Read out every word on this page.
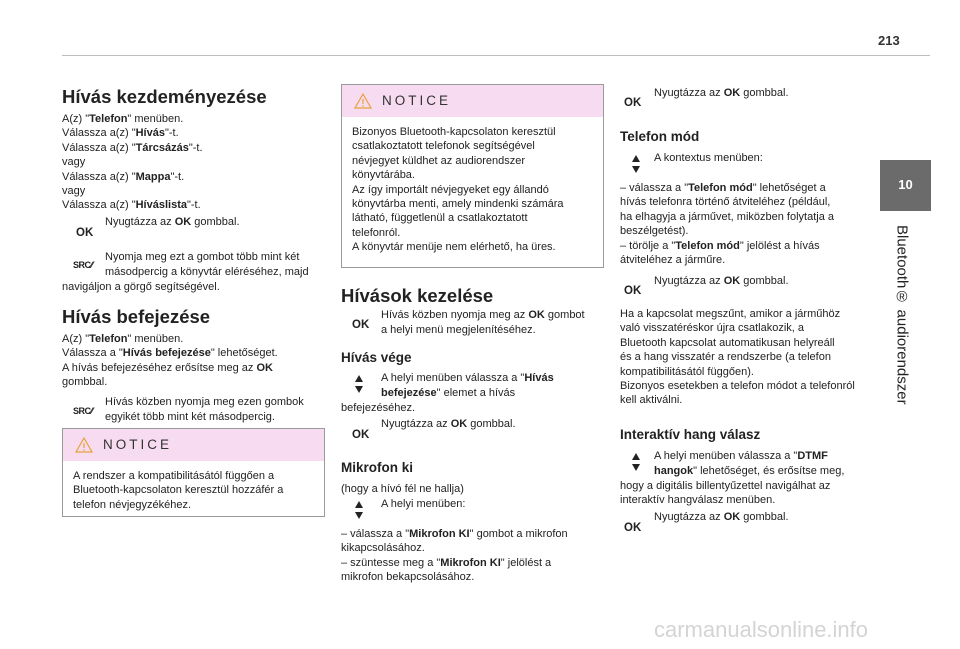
213
10
Bluetooth® audiorendszer
Hívás kezdeményezése
A(z) "Telefon" menüben.
Válassza a(z) "Hívás"-t.
Válassza a(z) "Tárcsázás"-t.
vagy
Válassza a(z) "Mappa"-t.
vagy
Válassza a(z) "Híváslista"-t.
OK
Nyugtázza az OK gombbal.
SRC⁄⁄
Nyomja meg ezt a gombot több mint két
másodpercig a könyvtár eléréséhez, majd
navigáljon a görgő segítségével.
Hívás befejezése
A(z) "Telefon" menüben.
Válassza a "Hívás befejezése" lehetőséget.
A hívás befejezéséhez erősítse meg az OK
gombbal.
SRC⁄⁄
Hívás közben nyomja meg ezen gombok
egyikét több mint két másodpercig.
NOTICE
A rendszer a kompatibilitásától függően a
Bluetooth-kapcsolaton keresztül hozzáfér a
telefon névjegyzékéhez.
NOTICE
Bizonyos Bluetooth-kapcsolaton keresztül
csatlakoztatott telefonok segítségével
névjegyet küldhet az audiorendszer
könyvtárába.
Az így importált névjegyeket egy állandó
könyvtárba menti, amely mindenki számára
látható, függetlenül a csatlakoztatott
telefonról.
A könyvtár menüje nem elérhető, ha üres.
Hívások kezelése
OK
Hívás közben nyomja meg az OK gombot
a helyi menü megjelenítéséhez.
Hívás vége
A helyi menüben válassza a "Hívás
befejezése" elemet a hívás
befejezéséhez.
OK
Nyugtázza az OK gombbal.
Mikrofon ki
(hogy a hívó fél ne hallja)
A helyi menüben:
– válassza a "Mikrofon KI" gombot a mikrofon
kikapcsolásához.
– szüntesse meg a "Mikrofon KI" jelölést a
mikrofon bekapcsolásához.
OK
Nyugtázza az OK gombbal.
Telefon mód
A kontextus menüben:
– válassza a "Telefon mód" lehetőséget a
hívás telefonra történő átviteléhez (például,
ha elhagyja a járművet, miközben folytatja a
beszélgetést).
– törölje a "Telefon mód" jelölést a hívás
átviteléhez a járműre.
OK
Nyugtázza az OK gombbal.
Ha a kapcsolat megszűnt, amikor a járműhöz
való visszatéréskor újra csatlakozik, a
Bluetooth kapcsolat automatikusan helyreáll
és a hang visszatér a rendszerbe (a telefon
kompatibilitásától függően).
Bizonyos esetekben a telefon módot a telefonról
kell aktiválni.
Interaktív hang válasz
A helyi menüben válassza a "DTMF
hangok" lehetőséget, és erősítse meg,
hogy a digitális billentyűzettel navigálhat az
interaktív hangválasz menüben.
OK
Nyugtázza az OK gombbal.
carmanualsonline.info
